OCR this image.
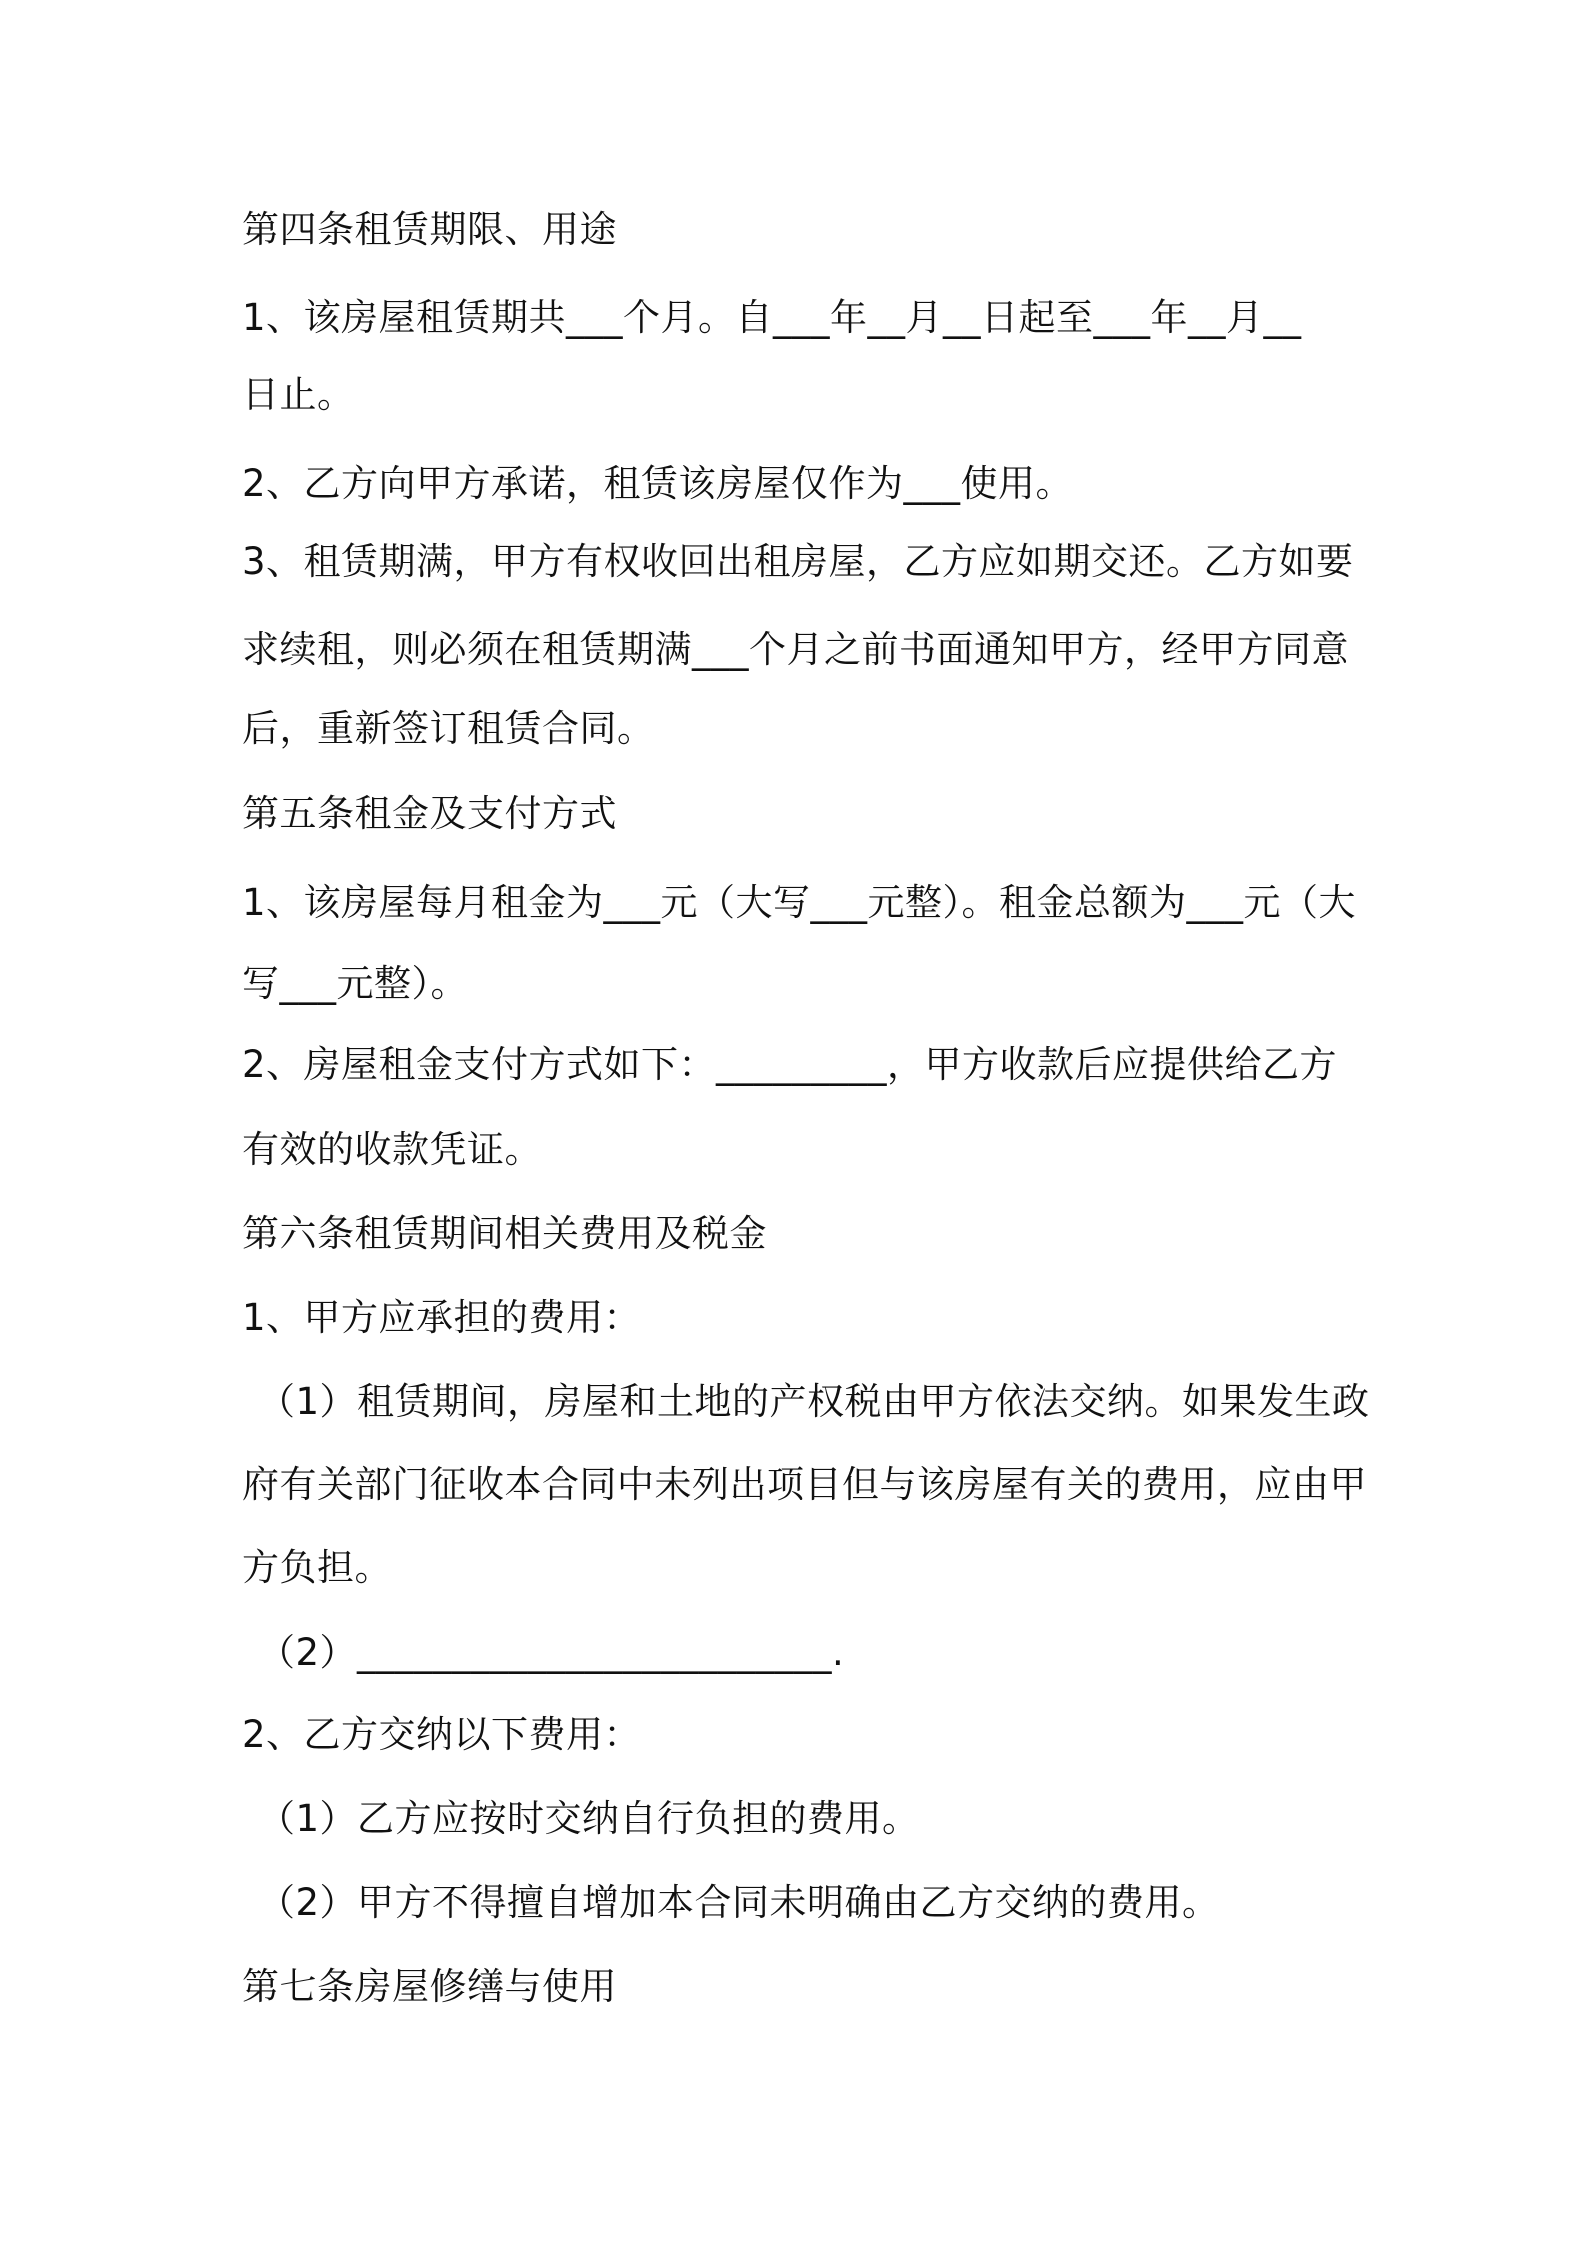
第四条租赁期限、用途
1、该房屋租赁期共___个月。自___年__月__日起至___年__月__
日止。
2、乙方向甲方承诺，租赁该房屋仅作为___使用。
3、租赁期满，甲方有权收回出租房屋，乙方应如期交还。乙方如要
求续租，则必须在租赁期满___个月之前书面通知甲方，经甲方同意
后，重新签订租赁合同。
第五条租金及支付方式
1、该房屋每月租金为___元（大写___元整）。租金总额为___元（大
写___元整）。
2、房屋租金支付方式如下：_________，甲方收款后应提供给乙方
有效的收款凭证。
第六条租赁期间相关费用及税金
1、甲方应承担的费用：
（1）租赁期间，房屋和土地的产权税由甲方依法交纳。如果发生政
府有关部门征收本合同中未列出项目但与该房屋有关的费用，应由甲
方负担。
（2）_________________________.
2、乙方交纳以下费用：
（1）乙方应按时交纳自行负担的费用。
（2）甲方不得擅自增加本合同未明确由乙方交纳的费用。
第七条房屋修缮与使用
